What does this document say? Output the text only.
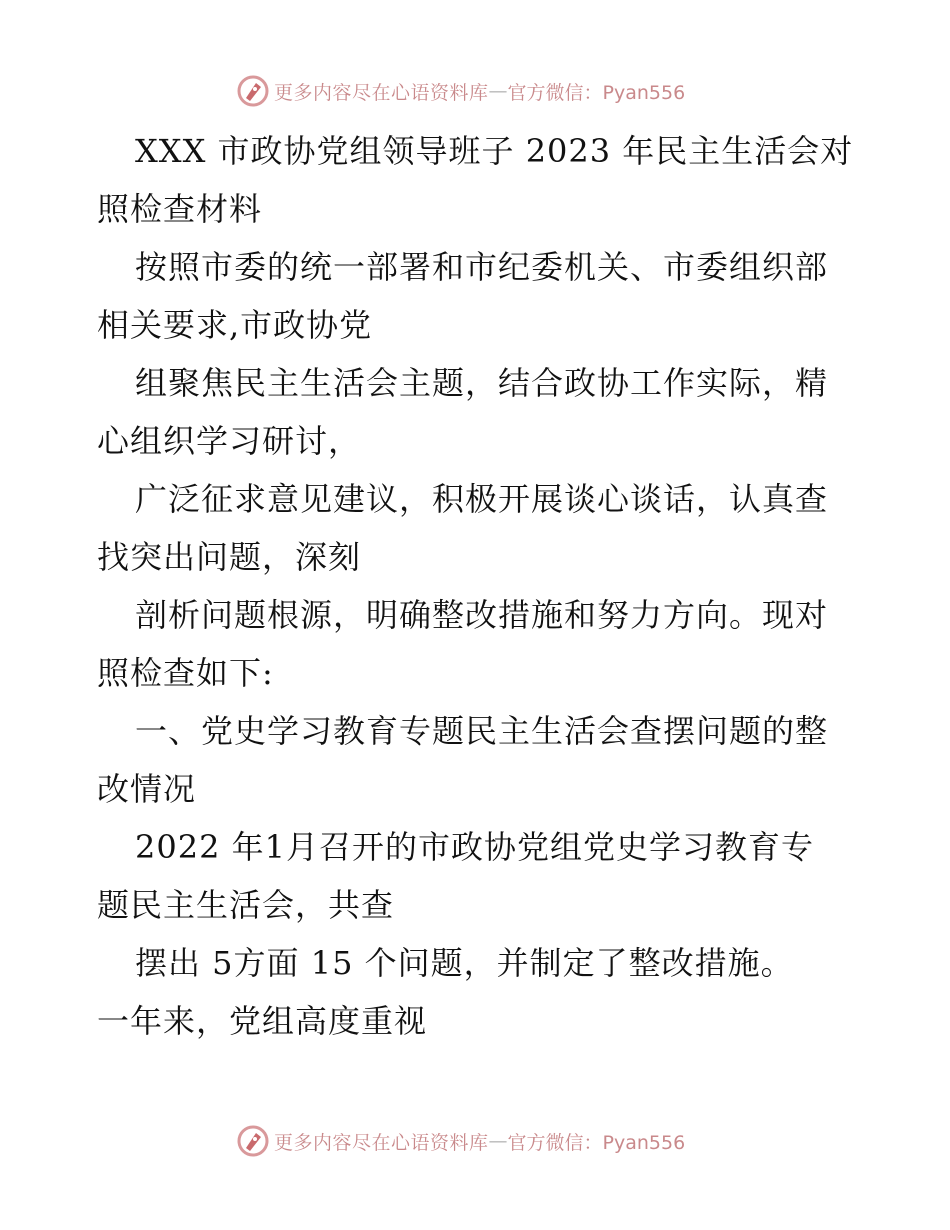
更多内容尽在心语资料库 — 官方微信：Pyan556
XXX 市政协党组领导班子 2023 年民主生活会对
照检查材料
按照市委的统一部署和市纪委机关、市委组织部
相关要求,市政协党
组聚焦民主生活会主题，结合政协工作实际，精
心组织学习研讨，
广泛征求意见建议，积极开展谈心谈话，认真查
找突出问题，深刻
剖析问题根源，明确整改措施和努力方向。现对
照检查如下:
一、党史学习教育专题民主生活会查摆问题的整
改情况
2022 年1月召开的市政协党组党史学习教育专
题民主生活会，共查
摆出 5方面 15 个问题，并制定了整改措施。
一年来，党组高度重视
更多内容尽在心语资料库 — 官方微信：Pyan556
